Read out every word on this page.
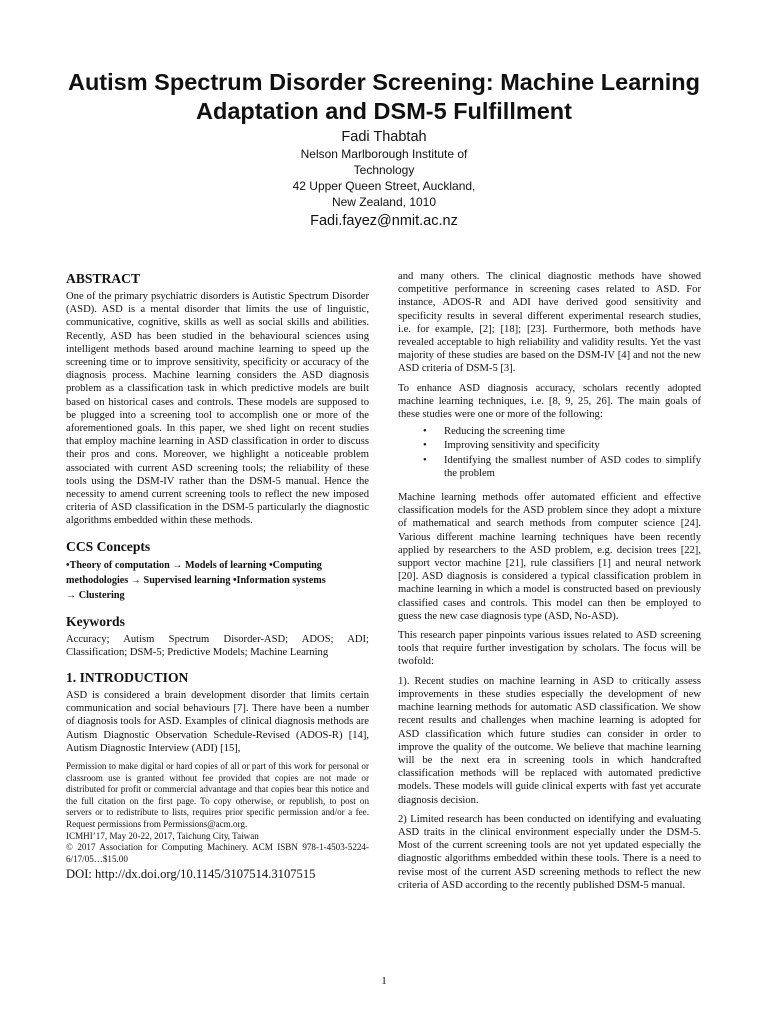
Autism Spectrum Disorder Screening: Machine Learning
Adaptation and DSM-5 Fulfillment
Fadi Thabtah
Nelson Marlborough Institute of
Technology
42 Upper Queen Street, Auckland,
New Zealand, 1010
Fadi.fayez@nmit.ac.nz
ABSTRACT

One of the primary psychiatric disorders is Autistic Spectrum Disorder (ASD). ASD is a mental disorder that limits the use of linguistic, communicative, cognitive, skills as well as social skills and abilities. Recently, ASD has been studied in the behavioural sciences using intelligent methods based around machine learning to speed up the screening time or to improve sensitivity, specificity or accuracy of the diagnosis process. Machine learning considers the ASD diagnosis problem as a classification task in which predictive models are built based on historical cases and controls. These models are supposed to be plugged into a screening tool to accomplish one or more of the aforementioned goals. In this paper, we shed light on recent studies that employ machine learning in ASD classification in order to discuss their pros and cons. Moreover, we highlight a noticeable problem associated with current ASD screening tools; the reliability of these tools using the DSM-IV rather than the DSM-5 manual. Hence the necessity to amend current screening tools to reflect the new imposed criteria of ASD classification in the DSM-5 particularly the diagnostic algorithms embedded within these methods.

CCS Concepts

•Theory of computation → Models of learning •Computing

methodologies → Supervised learning •Information systems

→ Clustering

Keywords

Accuracy; Autism Spectrum Disorder-ASD; ADOS; ADI; Classification; DSM-5; Predictive Models; Machine Learning

1. INTRODUCTION

ASD is considered a brain development disorder that limits certain communication and social behaviours [7]. There have been a number of diagnosis tools for ASD. Examples of clinical diagnosis methods are Autism Diagnostic Observation Schedule-Revised (ADOS-R) [14], Autism Diagnostic Interview (ADI) [15],

Permission to make digital or hard copies of all or part of this work for personal or classroom use is granted without fee provided that copies are not made or distributed for profit or commercial advantage and that copies bear this notice and the full citation on the first page. To copy otherwise, or republish, to post on servers or to redistribute to lists, requires prior specific permission and/or a fee. Request permissions from Permissions@acm.org.

ICMHI’17, May 20-22, 2017, Taichung City, Taiwan

© 2017 Association for Computing Machinery. ACM ISBN 978-1-4503-5224-6/17/05…$15.00

DOI: http://dx.doi.org/10.1145/3107514.3107515

and many others. The clinical diagnostic methods have showed competitive performance in screening cases related to ASD. For instance, ADOS-R and ADI have derived good sensitivity and specificity results in several different experimental research studies, i.e. for example, [2]; [18]; [23]. Furthermore, both methods have revealed acceptable to high reliability and validity results. Yet the vast majority of these studies are based on the DSM-IV [4] and not the new ASD criteria of DSM-5 [3].

To enhance ASD diagnosis accuracy, scholars recently adopted machine learning techniques, i.e. [8, 9, 25, 26]. The main goals of these studies were one or more of the following:

• Reducing the screening time
• Improving sensitivity and specificity
• Identifying the smallest number of ASD codes to simplify the problem

Machine learning methods offer automated efficient and effective classification models for the ASD problem since they adopt a mixture of mathematical and search methods from computer science [24]. Various different machine learning techniques have been recently applied by researchers to the ASD problem, e.g. decision trees [22], support vector machine [21], rule classifiers [1] and neural network [20]. ASD diagnosis is considered a typical classification problem in machine learning in which a model is constructed based on previously classified cases and controls. This model can then be employed to guess the new case diagnosis type (ASD, No-ASD).

This research paper pinpoints various issues related to ASD screening tools that require further investigation by scholars. The focus will be twofold:

1). Recent studies on machine learning in ASD to critically assess improvements in these studies especially the development of new machine learning methods for automatic ASD classification. We show recent results and challenges when machine learning is adopted for ASD classification which future studies can consider in order to improve the quality of the outcome. We believe that machine learning will be the next era in screening tools in which handcrafted classification methods will be replaced with automated predictive models. These models will guide clinical experts with fast yet accurate diagnosis decision.

2) Limited research has been conducted on identifying and evaluating ASD traits in the clinical environment especially under the DSM-5. Most of the current screening tools are not yet updated especially the diagnostic algorithms embedded within these tools. There is a need to revise most of the current ASD screening methods to reflect the new criteria of ASD according to the recently published DSM-5 manual.

1
